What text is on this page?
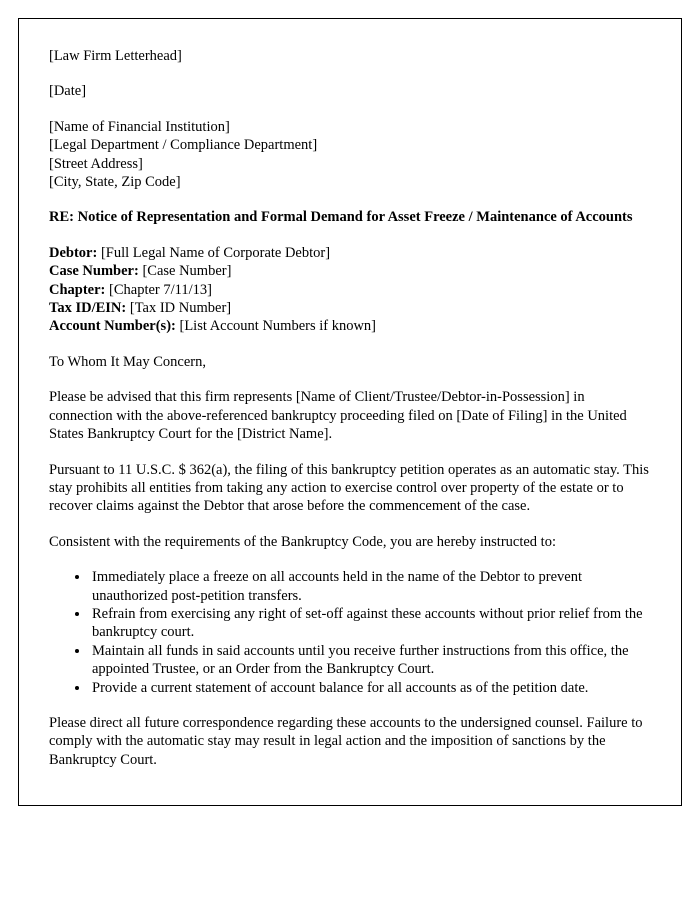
[Law Firm Letterhead]

[Date]

[Name of Financial Institution]
[Legal Department / Compliance Department]
[Street Address]
[City, State, Zip Code]

RE: Notice of Representation and Formal Demand for Asset Freeze / Maintenance of Accounts

Debtor: [Full Legal Name of Corporate Debtor]
Case Number: [Case Number]
Chapter: [Chapter 7/11/13]
Tax ID/EIN: [Tax ID Number]
Account Number(s): [List Account Numbers if known]

To Whom It May Concern,

Please be advised that this firm represents [Name of Client/Trustee/Debtor-in-Possession] in connection with the above-referenced bankruptcy proceeding filed on [Date of Filing] in the United States Bankruptcy Court for the [District Name].

Pursuant to 11 U.S.C. $ 362(a), the filing of this bankruptcy petition operates as an automatic stay. This stay prohibits all entities from taking any action to exercise control over property of the estate or to recover claims against the Debtor that arose before the commencement of the case.

Consistent with the requirements of the Bankruptcy Code, you are hereby instructed to:

• Immediately place a freeze on all accounts held in the name of the Debtor to prevent unauthorized post-petition transfers.
• Refrain from exercising any right of set-off against these accounts without prior relief from the bankruptcy court.
• Maintain all funds in said accounts until you receive further instructions from this office, the appointed Trustee, or an Order from the Bankruptcy Court.
• Provide a current statement of account balance for all accounts as of the petition date.

Please direct all future correspondence regarding these accounts to the undersigned counsel. Failure to comply with the automatic stay may result in legal action and the imposition of sanctions by the Bankruptcy Court.
